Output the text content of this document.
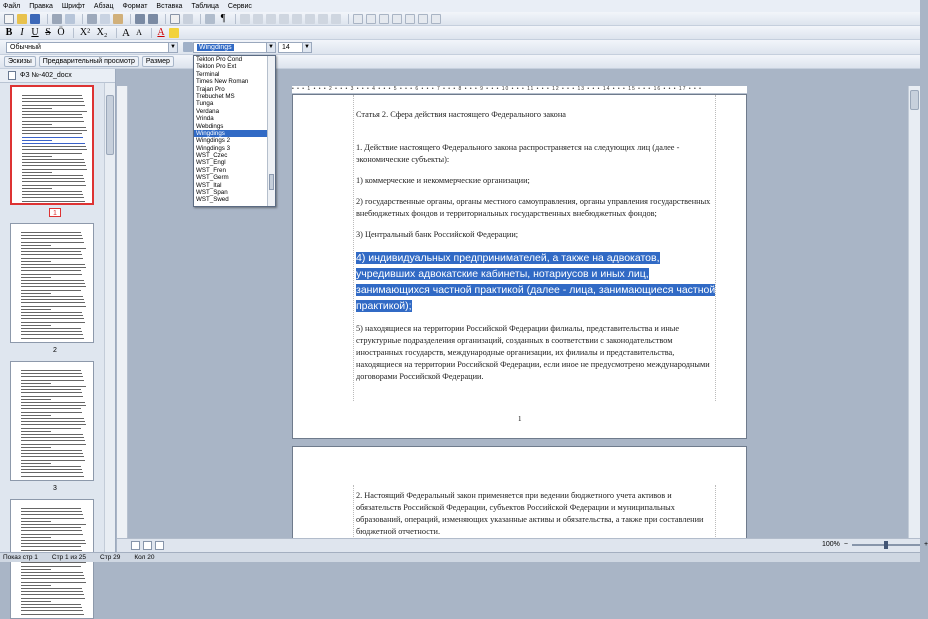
Файл Правка Шрифт Абзац Формат Вставка Таблица Сервис
¶
B I U S Ö X² X₂ A A A
Обычный	▼	Wingdings	▼ 14	▼
Эскизы Предварительный просмотр Размер
ФЗ №-402_docx
1
2
3
• • • 1 • • • 2 • • • 3 • • • 4 • • • 5 • • • 6 • • • 7 • • • 8 • • • 9 • • • 10 • • • 11 • • • 12 • • • 13 • • • 14 • • • 15 • • • 16 • • • 17 • • •

Статья 2. Сфера действия настоящего Федерального закона

1. Действие настоящего Федерального закона распространяется на следующих лиц (далее - экономические субъекты):

1) коммерческие и некоммерческие организации;

2) государственные органы, органы местного самоуправления, органы управления государственных внебюджетных фондов и территориальных государственных внебюджетных фондов;

3) Центральный банк Российской Федерации;

4) индивидуальных предпринимателей, а также на адвокатов, учредивших адвокатские кабинеты, нотариусов и иных лиц, занимающихся частной практикой (далее - лица, занимающиеся частной практикой);

5) находящиеся на территории Российской Федерации филиалы, представительства и иные структурные подразделения организаций, созданных в соответствии с законодательством иностранных государств, международные организации, их филиалы и представительства, находящиеся на территории Российской Федерации, если иное не предусмотрено международными договорами Российской Федерации.

1

2. Настоящий Федеральный закон применяется при ведении бюджетного учета активов и обязательств Российской Федерации, субъектов Российской Федерации и муниципальных образований, операций, изменяющих указанные активы и обязательства, а также при составлении бюджетной отчетности.

100% −	+
Показ стр 1 Стр 1 из 25 Стр 29 Кол 20
Tekton Pro Cond
Tekton Pro Ext
Terminal
Times New Roman
Trajan Pro
Trebuchet MS
Tunga
Verdana
Vrinda
Webdings
Wingdings
Wingdings 2
Wingdings 3
WST_Czec
WST_Engl
WST_Fren
WST_Germ
WST_Ital
WST_Span
WST_Swed
